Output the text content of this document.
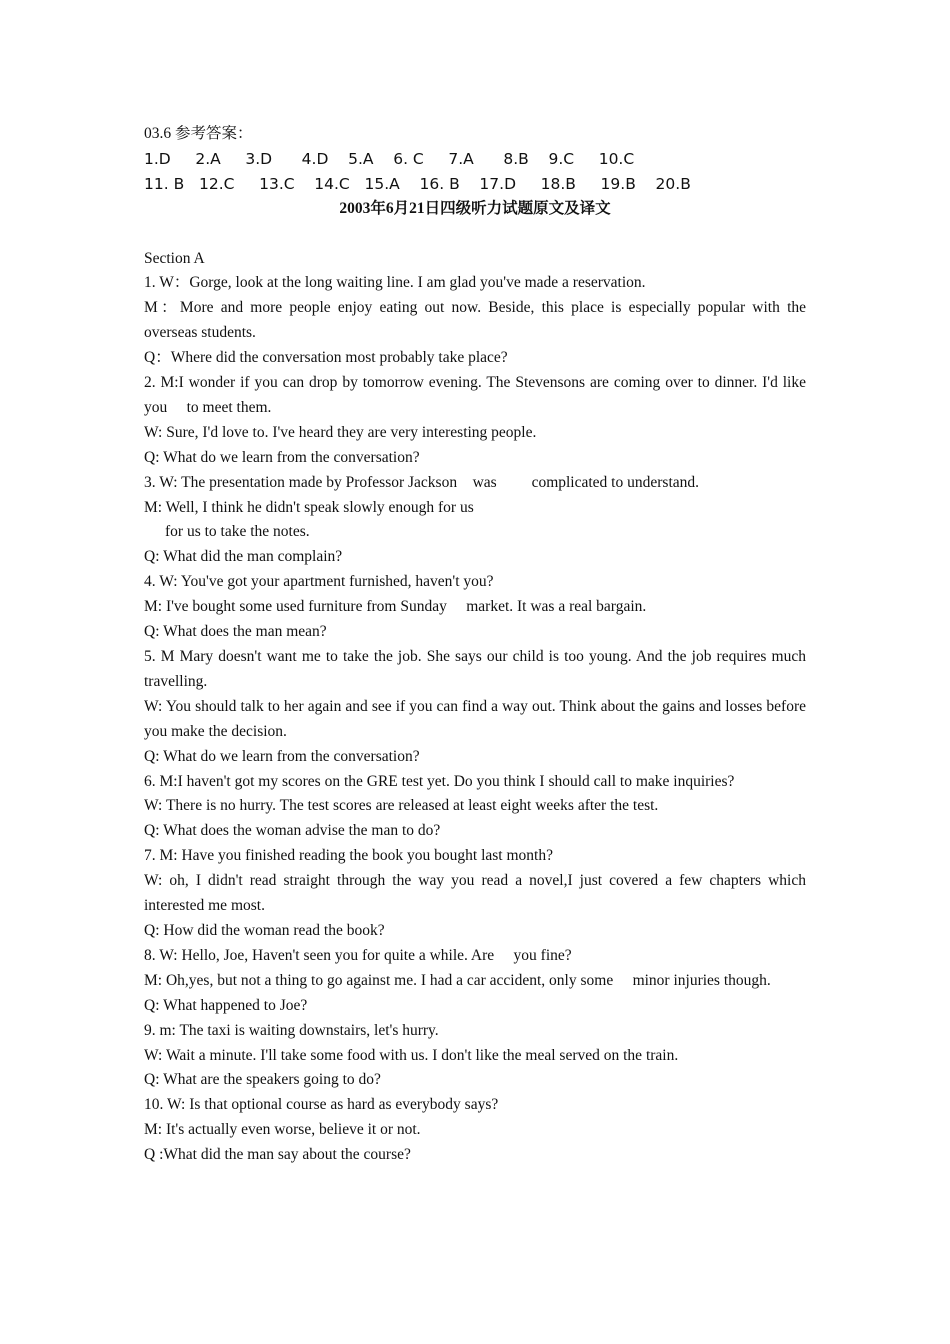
03.6 参考答案：
1.D     2.A     3.D      4.D    5.A    6. C     7.A      8.B    9.C     10.C
11. B   12.C     13.C    14.C   15.A    16. B    17.D     18.B     19.B    20.B
2003年6月21日四级听力试题原文及译文
Section A
1. W：Gorge, look at the long waiting line. I am glad you've made a reservation.
M：More and more people enjoy eating out now. Beside, this place is especially popular with the overseas students.
Q：Where did the conversation most probably take place?
2. M:I wonder if you can drop by tomorrow evening. The Stevensons are coming over to dinner. I'd like you     to meet them.
W: Sure, I'd love to. I've heard they are very interesting people.
Q: What do we learn from the conversation?
3. W: The presentation made by Professor Jackson    was         complicated to understand.
M: Well, I think he didn't speak slowly enough for us
for us to take the notes.
Q: What did the man complain?
4. W: You've got your apartment furnished, haven't you?
M: I've bought some used furniture from Sunday     market. It was a real bargain.
Q: What does the man mean?
5. M Mary doesn't want me to take the job. She says our child is too young. And the job requires much travelling.
W: You should talk to her again and see if you can find a way out. Think about the gains and losses before you make the decision.
Q: What do we learn from the conversation?
6. M:I haven't got my scores on the GRE test yet. Do you think I should call to make inquiries?
W: There is no hurry. The test scores are released at least eight weeks after the test.
Q: What does the woman advise the man to do?
7. M: Have you finished reading the book you bought last month?
W: oh, I didn't read straight through the way you read a novel,I just covered a few chapters which interested me most.
Q: How did the woman read the book?
8. W: Hello, Joe, Haven't seen you for quite a while. Are     you fine?
M: Oh,yes, but not a thing to go against me. I had a car accident, only some     minor injuries though.
Q: What happened to Joe?
9. m: The taxi is waiting downstairs, let's hurry.
W: Wait a minute. I'll take some food with us. I don't like the meal served on the train.
Q: What are the speakers going to do?
10. W: Is that optional course as hard as everybody says?
M: It's actually even worse, believe it or not.
Q :What did the man say about the course?
